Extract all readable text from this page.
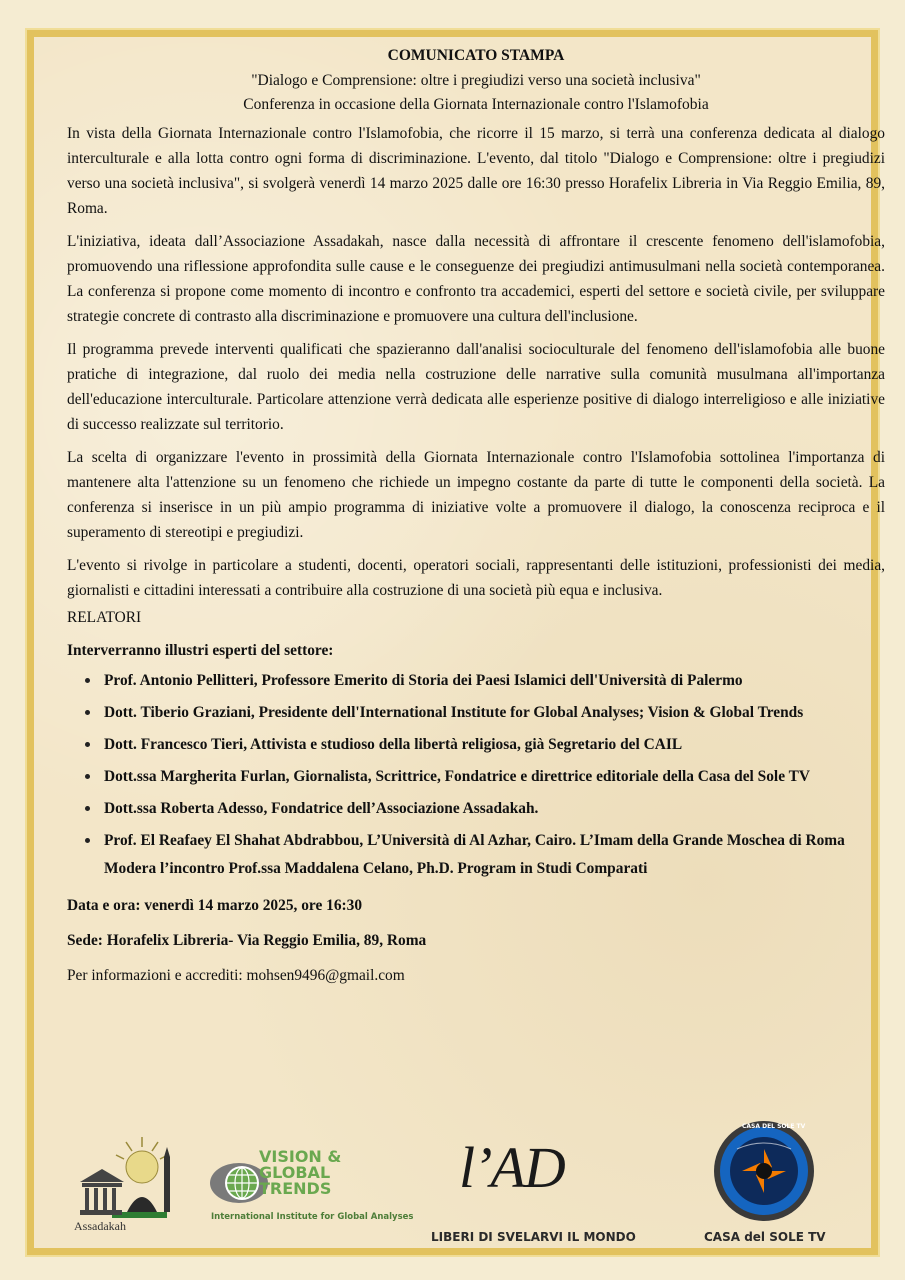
COMUNICATO STAMPA
"Dialogo e Comprensione: oltre i pregiudizi verso una società inclusiva"
Conferenza in occasione della Giornata Internazionale contro l'Islamofobia

In vista della Giornata Internazionale contro l'Islamofobia, che ricorre il 15 marzo, si terrà una conferenza dedicata al dialogo interculturale e alla lotta contro ogni forma di discriminazione. L'evento, dal titolo "Dialogo e Comprensione: oltre i pregiudizi verso una società inclusiva", si svolgerà venerdì 14 marzo 2025 dalle ore 16:30 presso Horafelix Libreria in Via Reggio Emilia, 89, Roma.

L'iniziativa, ideata dall’Associazione Assadakah, nasce dalla necessità di affrontare il crescente fenomeno dell'islamofobia, promuovendo una riflessione approfondita sulle cause e le conseguenze dei pregiudizi antimusulmani nella società contemporanea. La conferenza si propone come momento di incontro e confronto tra accademici, esperti del settore e società civile, per sviluppare strategie concrete di contrasto alla discriminazione e promuovere una cultura dell'inclusione.

Il programma prevede interventi qualificati che spazieranno dall'analisi socioculturale del fenomeno dell'islamofobia alle buone pratiche di integrazione, dal ruolo dei media nella costruzione delle narrative sulla comunità musulmana all'importanza dell'educazione interculturale. Particolare attenzione verrà dedicata alle esperienze positive di dialogo interreligioso e alle iniziative di successo realizzate sul territorio.

La scelta di organizzare l'evento in prossimità della Giornata Internazionale contro l'Islamofobia sottolinea l'importanza di mantenere alta l'attenzione su un fenomeno che richiede un impegno costante da parte di tutte le componenti della società. La conferenza si inserisce in un più ampio programma di iniziative volte a promuovere il dialogo, la conoscenza reciproca e il superamento di stereotipi e pregiudizi.

L'evento si rivolge in particolare a studenti, docenti, operatori sociali, rappresentanti delle istituzioni, professionisti dei media, giornalisti e cittadini interessati a contribuire alla costruzione di una società più equa e inclusiva.

RELATORI
Interverranno illustri esperti del settore:
Prof. Antonio Pellitteri, Professore Emerito di Storia dei Paesi Islamici dell'Università di Palermo
Dott. Tiberio Graziani, Presidente dell'International Institute for Global Analyses; Vision & Global Trends
Dott. Francesco Tieri, Attivista e studioso della libertà religiosa, già Segretario del CAIL
Dott.ssa Margherita Furlan, Giornalista, Scrittrice, Fondatrice e direttrice editoriale della Casa del Sole TV
Dott.ssa Roberta Adesso, Fondatrice dell’Associazione Assadakah.
Prof. El Reafaey El Shahat Abdrabbou, L’Università di Al Azhar, Cairo. L’Imam della Grande Moschea di Roma
Modera l’incontro Prof.ssa Maddalena Celano, Ph.D. Program in Studi Comparati
Data e ora: venerdì 14 marzo 2025, ore 16:30
Sede: Horafelix Libreria- Via Reggio Emilia, 89, Roma
Per informazioni e accrediti: mohsen9496@gmail.com
Assadakah
VISION &
GLOBAL
TRENDS
International Institute for Global Analyses
l’AD
LIBERI DI SVELARVI IL MONDO
CASA DEL SOLE TV
CASA del SOLE TV
